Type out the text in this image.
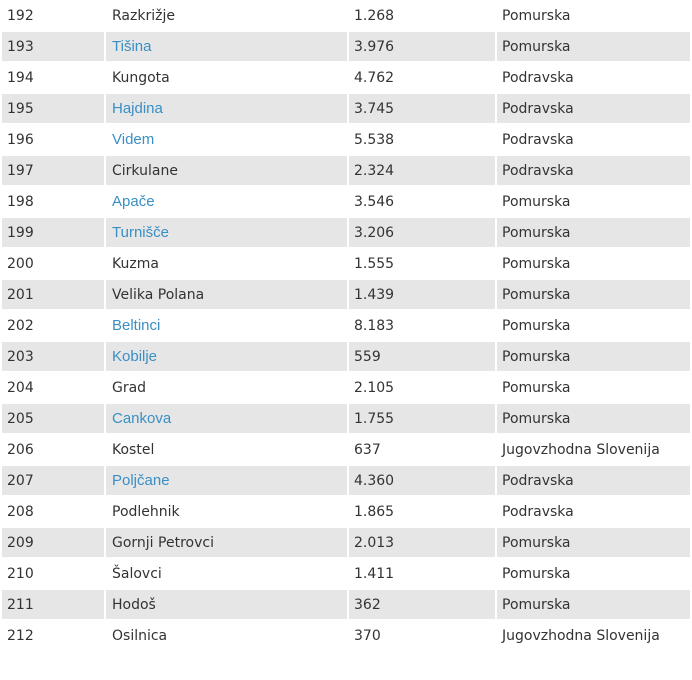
192	Razkrižje	1.268	Pomurska
193	Tišina	3.976	Pomurska
194	Kungota	4.762	Podravska
195	Hajdina	3.745	Podravska
196	Videm	5.538	Podravska
197	Cirkulane	2.324	Podravska
198	Apače	3.546	Pomurska
199	Turnišče	3.206	Pomurska
200	Kuzma	1.555	Pomurska
201	Velika Polana	1.439	Pomurska
202	Beltinci	8.183	Pomurska
203	Kobilje	559	Pomurska
204	Grad	2.105	Pomurska
205	Cankova	1.755	Pomurska
206	Kostel	637	Jugovzhodna Slovenija
207	Poljčane	4.360	Podravska
208	Podlehnik	1.865	Podravska
209	Gornji Petrovci	2.013	Pomurska
210	Šalovci	1.411	Pomurska
211	Hodoš	362	Pomurska
212	Osilnica	370	Jugovzhodna Slovenija
